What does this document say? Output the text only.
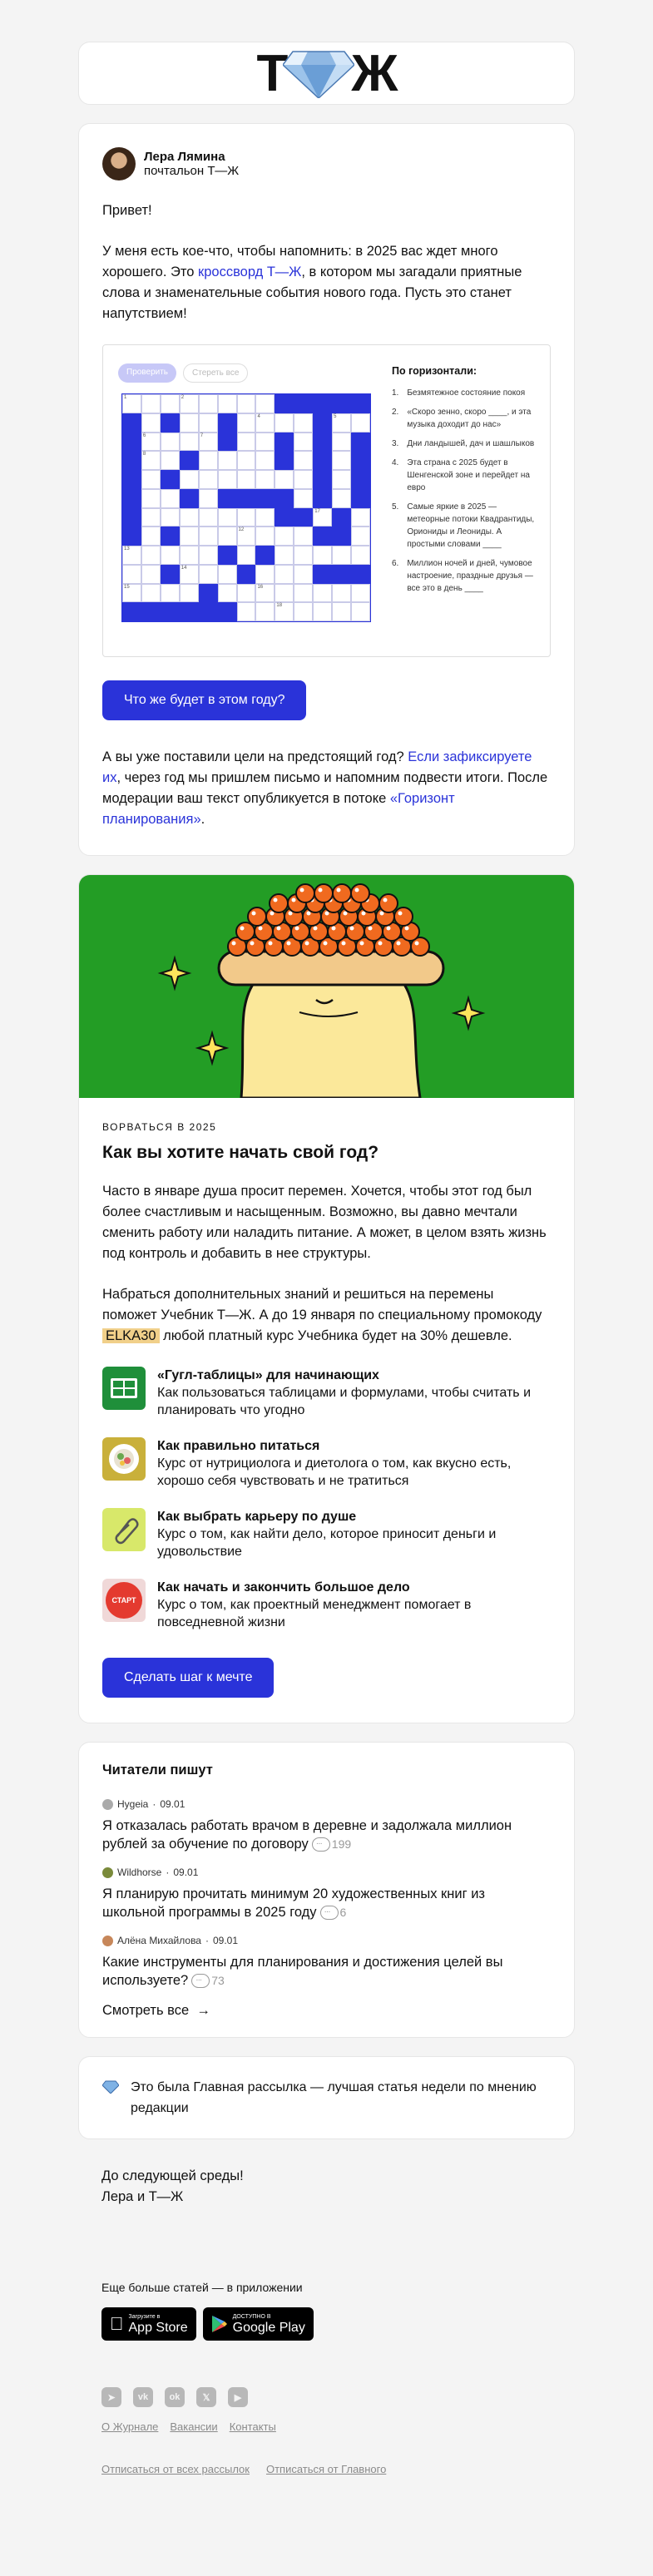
Т Ж
Лера Лямина
почтальон Т—Ж

Привет!

У меня есть кое-что, чтобы напомнить: в 2025 вас ждет много хорошего. Это кроссворд Т—Ж, в котором мы загадали приятные слова и знаменательные события нового года. Пусть это станет напутствием!

Проверить	Стереть все
1	2
4	5
6	7
8
17
12
13
14
15	16
18
По горизонтали:
1. Безмятежное состояние покоя
2. «Скоро зенно, скоро ____, и эта музыка доходит до нас»
3. Дни ландышей, дач и шашлыков
4. Эта страна с 2025 будет в Шенгенской зоне и перейдет на евро
5. Самые яркие в 2025 — метеорные потоки Квадрантиды, Ориониды и Леониды. А простыми словами ____
6. Миллион ночей и дней, чумовое настроение, праздные друзья — все это в день ____
Что же будет в этом году?

А вы уже поставили цели на предстоящий год? Если зафиксируете их, через год мы пришлем письмо и напомним подвести итоги. После модерации ваш текст опубликуется в потоке «Горизонт планирования».

ВОРВАТЬСЯ В 2025
Как вы хотите начать свой год?

Часто в январе душа просит перемен. Хочется, чтобы этот год был более счастливым и насыщенным. Возможно, вы давно мечтали сменить работу или наладить питание. А может, в целом взять жизнь под контроль и добавить в нее структуры.

Набраться дополнительных знаний и решиться на перемены поможет Учебник Т—Ж. А до 19 января по специальному промокоду ELKA30 любой платный курс Учебника будет на 30% дешевле.

«Гугл-таблицы» для начинающих
Как пользоваться таблицами и формулами, чтобы считать и планировать что угодно
Как правильно питаться
Курс от нутрициолога и диетолога о том, как вкусно есть, хорошо себя чувствовать и не тратиться
Как выбрать карьеру по душе
Курс о том, как найти дело, которое приносит деньги и удовольствие
СТАРТ
Как начать и закончить большое дело
Курс о том, как проектный менеджмент помогает в повседневной жизни
Сделать шаг к мечте
Читатели пишут
Hygeia · 09.01
Я отказалась работать врачом в деревне и задолжала миллион рублей за обучение по договору ··· 199
Wildhorse · 09.01
Я планирую прочитать минимум 20 художественных книг из школьной программы в 2025 году ··· 6
Алёна Михайлова · 09.01
Какие инструменты для планирования и достижения целей вы используете? ··· 73
Смотреть все →
Это была Главная рассылка — лучшая статья недели по мнению редакции
До следующей среды!
Лера и Т—Ж
Еще больше статей — в приложении
Загрузите в
App Store
ДОСТУПНО В
Google Play
➤	vk	ok	𝕏	▶
О Журнале Вакансии Контакты
Отписаться от всех рассылок Отписаться от Главного
